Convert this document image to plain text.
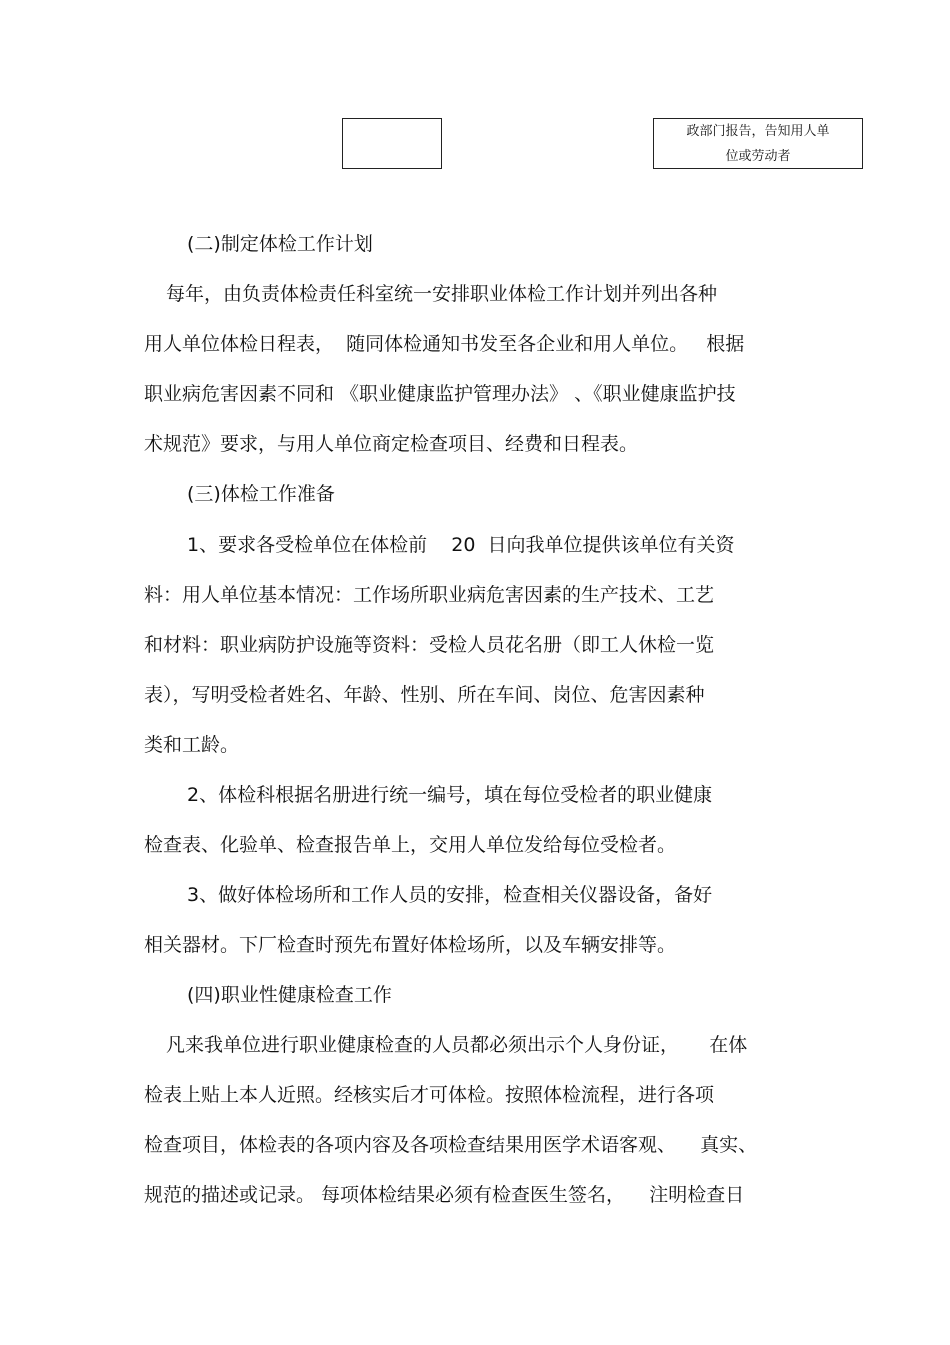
政部门报告，告知用人单
位或劳动者
(二)制定体检工作计划
每年，由负责体检责任科室统一安排职业体检工作计划并列出各种
用人单位体检日程表，  随同体检通知书发至各企业和用人单位。   根据
职业病危害因素不同和 《职业健康监护管理办法》 、《职业健康监护技
术规范》要求，与用人单位商定检查项目、经费和日程表。
(三)体检工作准备
1、要求各受检单位在体检前    20  日向我单位提供该单位有关资
料：用人单位基本情况：工作场所职业病危害因素的生产技术、工艺
和材料：职业病防护设施等资料：受检人员花名册（即工人休检一览
表），写明受检者姓名、年龄、性别、所在车间、岗位、危害因素种
类和工龄。
2、体检科根据名册进行统一编号，填在每位受检者的职业健康
检查表、化验单、检查报告单上，交用人单位发给每位受检者。
3、做好体检场所和工作人员的安排，检查相关仪器设备，备好
相关器材。下厂检查时预先布置好体检场所，以及车辆安排等。
(四)职业性健康检查工作
凡来我单位进行职业健康检查的人员都必须出示个人身份证，     在体
检表上贴上本人近照。经核实后才可体检。按照体检流程，进行各项
检查项目，体检表的各项内容及各项检查结果用医学术语客观、    真实、
规范的描述或记录。 每项体检结果必须有检查医生签名，    注明检查日
